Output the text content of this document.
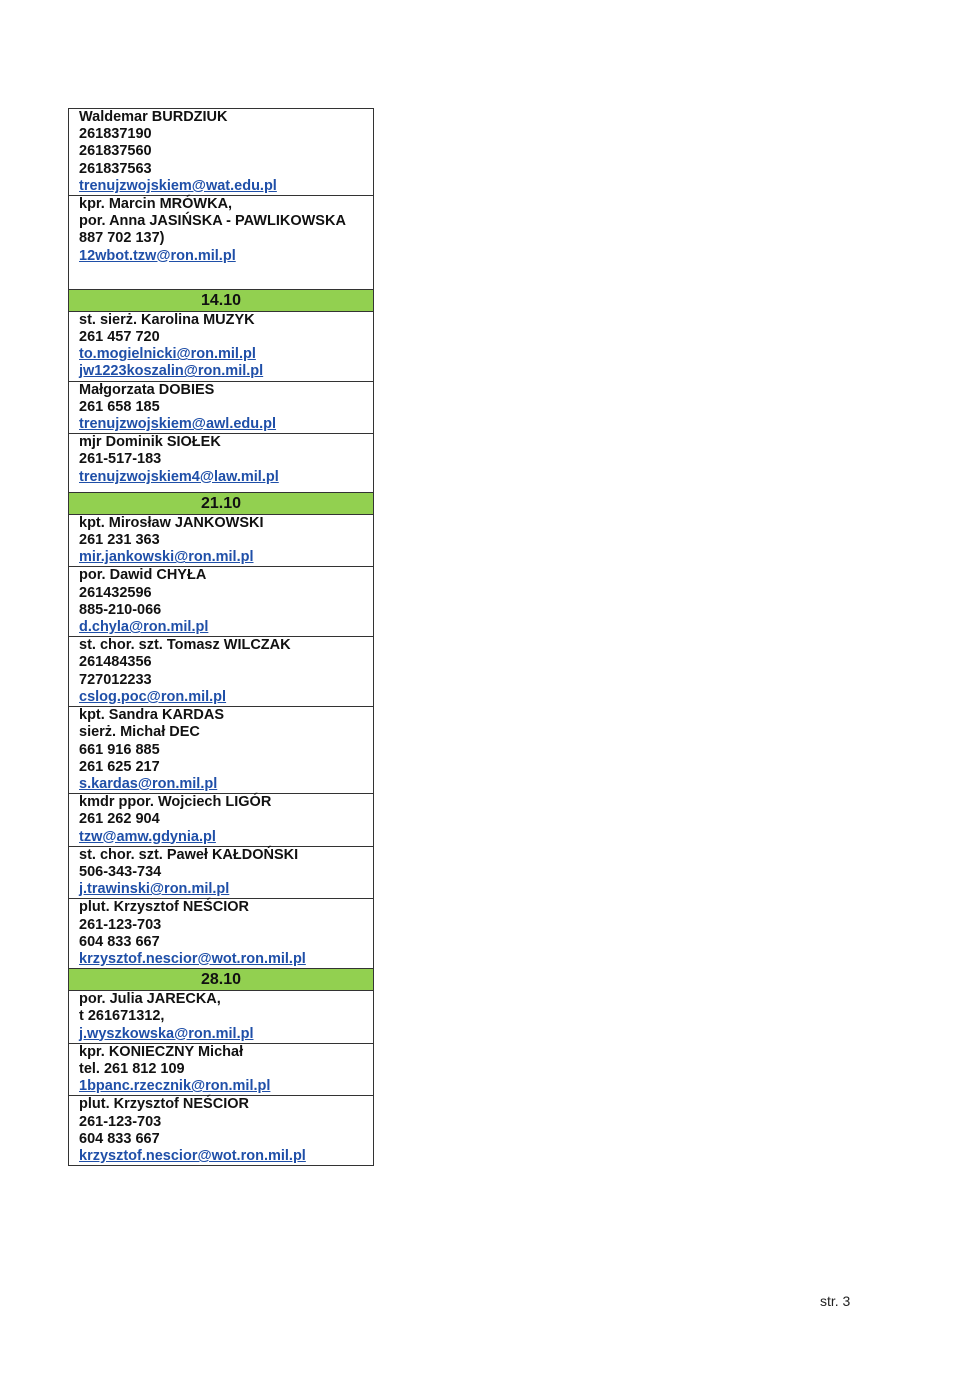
Waldemar BURDZIUK
261837190
261837560
261837563
trenujzwojskiem@wat.edu.pl
kpr. Marcin MRÓWKA,
por. Anna JASIŃSKA - PAWLIKOWSKA
887 702 137)
12wbot.tzw@ron.mil.pl
14.10
st. sierż. Karolina MUZYK
261 457 720
to.mogielnicki@ron.mil.pl
jw1223koszalin@ron.mil.pl
Małgorzata DOBIES
261 658 185
trenujzwojskiem@awl.edu.pl
mjr Dominik SIOŁEK
261-517-183
trenujzwojskiem4@law.mil.pl
21.10
kpt. Mirosław JANKOWSKI
261 231 363
mir.jankowski@ron.mil.pl
por. Dawid CHYŁA
261432596
885-210-066
d.chyla@ron.mil.pl
st. chor. szt. Tomasz WILCZAK
261484356
727012233
cslog.poc@ron.mil.pl
kpt. Sandra KARDAS
sierż. Michał DEC
661 916 885
261 625 217
s.kardas@ron.mil.pl
kmdr ppor. Wojciech LIGÓR
261 262 904
tzw@amw.gdynia.pl
st. chor. szt. Paweł KAŁDOŃSKI
506-343-734
j.trawinski@ron.mil.pl
plut. Krzysztof NEŚCIOR
261-123-703
604 833 667
krzysztof.nescior@wot.ron.mil.pl
28.10
por. Julia JARECKA,
t 261671312,
j.wyszkowska@ron.mil.pl
kpr. KONIECZNY Michał
tel. 261 812 109
1bpanc.rzecznik@ron.mil.pl
plut. Krzysztof NEŚCIOR
261-123-703
604 833 667
krzysztof.nescior@wot.ron.mil.pl
str. 3
